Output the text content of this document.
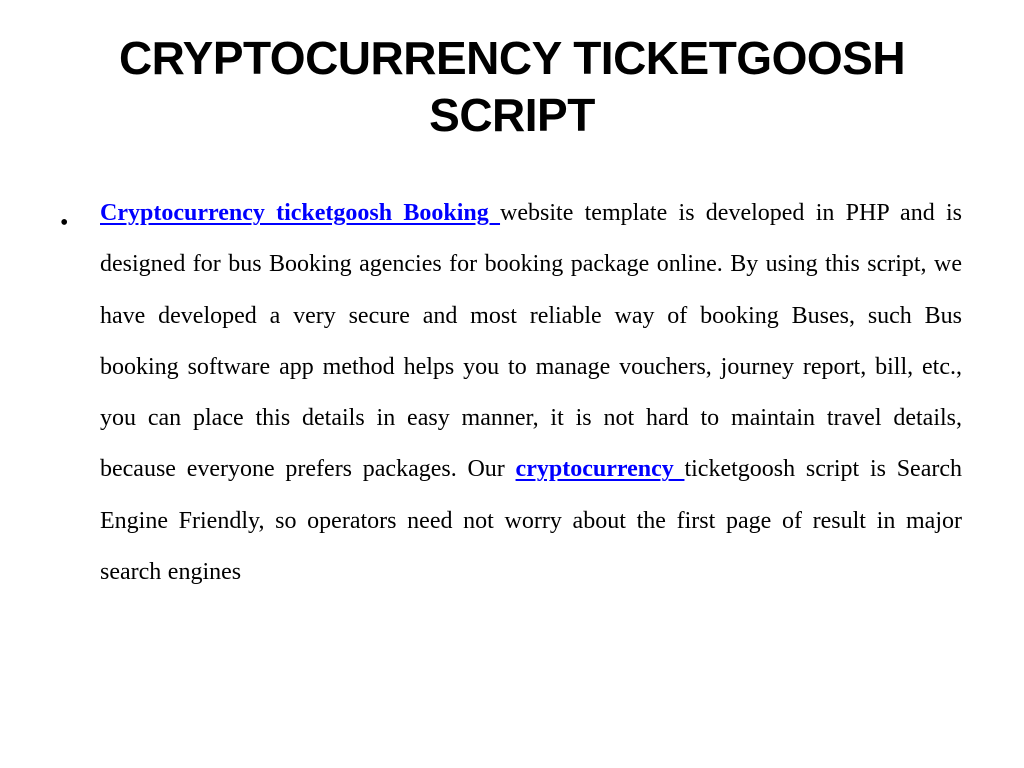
CRYPTOCURRENCY TICKETGOOSH
SCRIPT
• Cryptocurrency ticketgoosh Booking website template is developed in PHP and is designed for bus Booking agencies for booking package online. By using this script, we have developed a very secure and most reliable way of booking Buses, such Bus booking software app method helps you to manage vouchers, journey report, bill, etc., you can place this details in easy manner, it is not hard to maintain travel details, because everyone prefers packages. Our cryptocurrency ticketgoosh script is Search Engine Friendly, so operators need not worry about the first page of result in major search engines
